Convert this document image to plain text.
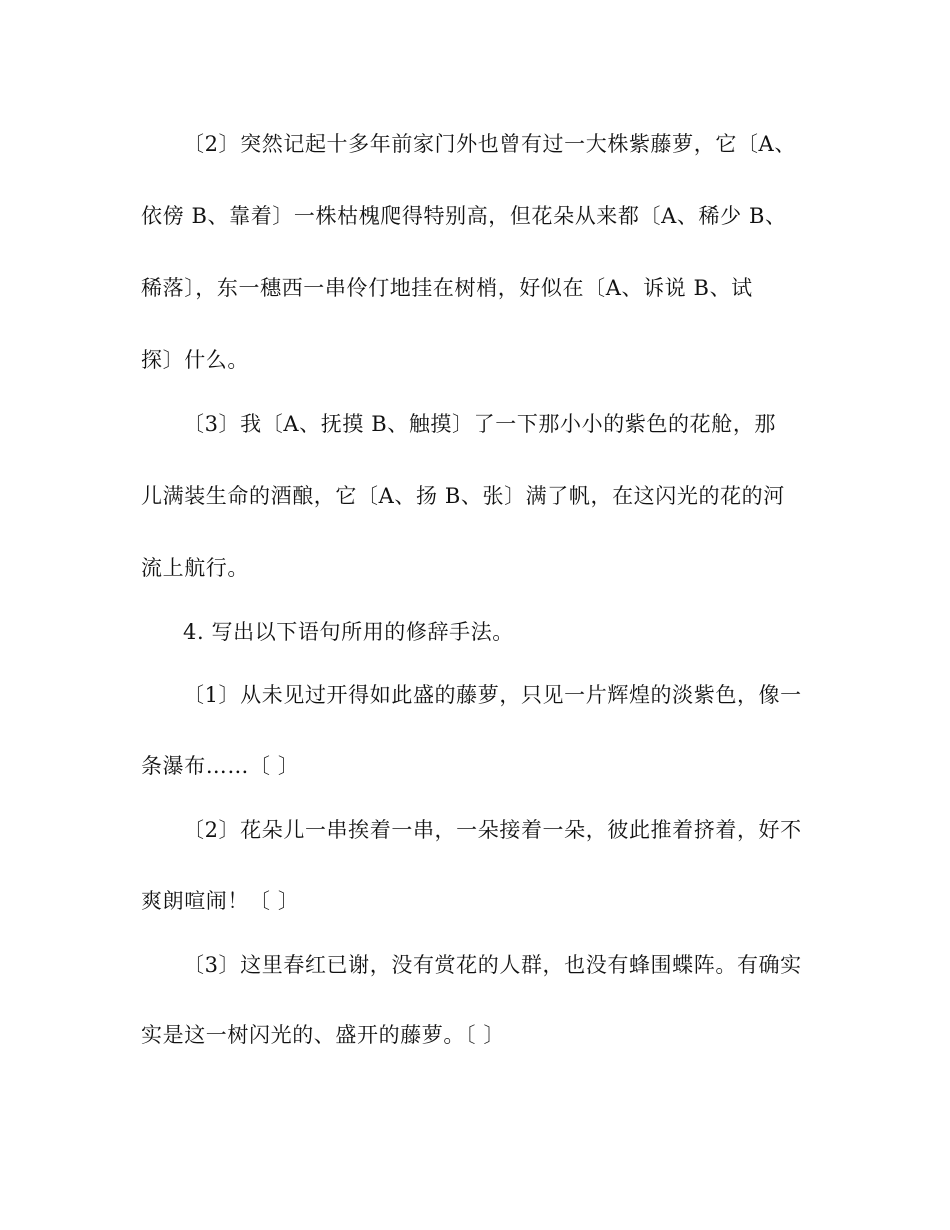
〔2〕突然记起十多年前家门外也曾有过一大株紫藤萝，它〔A、
依傍 B、靠着〕一株枯槐爬得特别高，但花朵从来都〔A、稀少 B、
稀落〕，东一穗西一串伶仃地挂在树梢，好似在〔A、诉说 B、试
探〕什么。
〔3〕我〔A、抚摸 B、触摸〕了一下那小小的紫色的花舱，那
儿满装生命的酒酿，它〔A、扬 B、张〕满了帆，在这闪光的花的河
流上航行。
4. 写出以下语句所用的修辞手法。
〔1〕从未见过开得如此盛的藤萝，只见一片辉煌的淡紫色，像一
条瀑布……〔 〕
〔2〕花朵儿一串挨着一串，一朵接着一朵，彼此推着挤着，好不
爽朗喧闹！〔 〕
〔3〕这里春红已谢，没有赏花的人群，也没有蜂围蝶阵。有确实
实是这一树闪光的、盛开的藤萝。〔 〕
